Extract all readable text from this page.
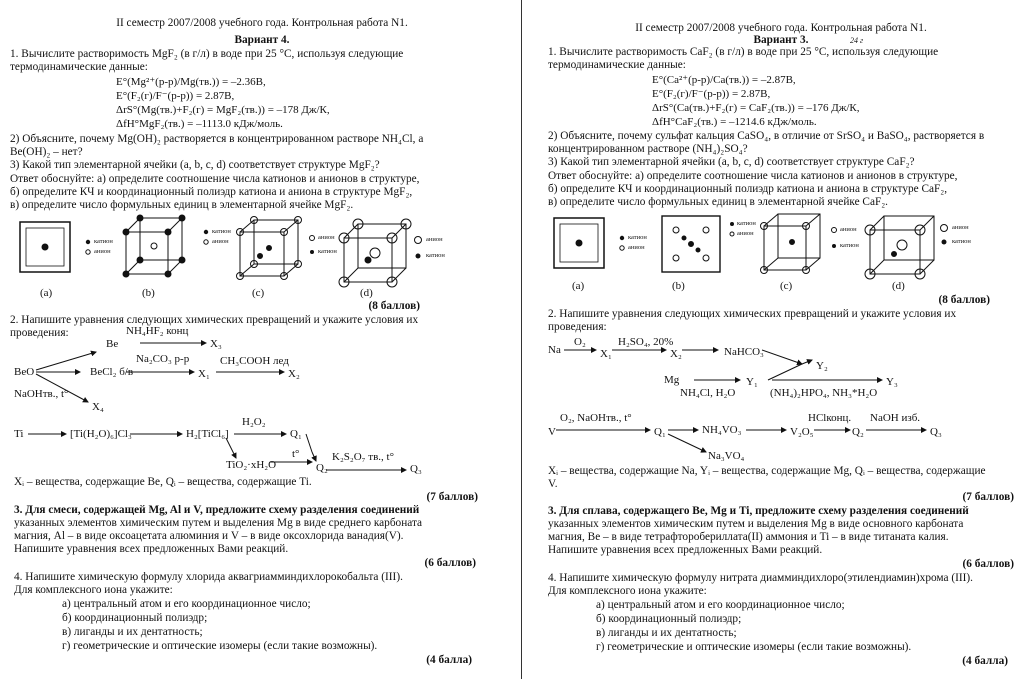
II семестр 2007/2008 учебного года. Контрольная работа N1.
Вариант 4.
1. Вычислите растворимость MgF₂ (в г/л) в воде при 25 °С, используя следующие
термодинамические данные:
E°(Mg²⁺(р-р)/Mg(тв.)) = –2.36В,
E°(F₂(г)/F⁻(р-р)) = 2.87В,
ΔrS°(Mg(тв.)+F₂(г) = MgF₂(тв.)) = –178 Дж/К,
ΔfH°MgF₂(тв.) = –1113.0 кДж/моль.
2) Объясните, почему Mg(OH)₂ растворяется в концентрированном растворе NH₄Cl, а
Be(OH)₂ – нет?
3) Какой тип элементарной ячейки (a, b, c, d) соответствует структуре MgF₂?
Ответ обоснуйте: а) определите соотношение числа катионов и анионов в структуре,
б) определите КЧ и координационный полиэдр катиона и аниона в структуре MgF₂,
в) определите число формульных единиц в элементарной ячейке MgF₂.
катион
анион
катион
анион
анион
катион
анион
катион
(a)	(b)	(c)	(d)
(8 баллов)
2. Напишите уравнения следующих химических превращений и укажите условия их
проведения:
BeO
Be
NH₄HF₂ конц
X₃
BeCl₂ б/в
Na₂CO₃ р-р
X₁
CH₃COOH лед
X₂
NaOHтв., t°
X₄
Ti	[Ti(H₂O)₆]Cl₃	H₂[TiCl₆]
H₂O₂
Q₁
t°
TiO₂·xH₂O	Q₂
K₂S₂O₇ тв., t°
Q₃
Xᵢ – вещества, содержащие Be, Qᵢ – вещества, содержащие Ti.
(7 баллов)
3. Для смеси, содержащей Mg, Al и V, предложите схему разделения соединений
указанных элементов химическим путем и выделения Mg в виде среднего карбоната
магния, Al – в виде оксоацетата алюминия и V – в виде оксохлорида ванадия(V).
Напишите уравнения всех предложенных Вами реакций.
(6 баллов)
4. Напишите химическую формулу хлорида аквагриамминдихлорокобальта (III).
Для комплексного иона укажите:
а) центральный атом и его координационное число;
б) координационный полиэдр;
в) лиганды и их дентатность;
г) геометрические и оптические изомеры (если такие возможны).
(4 балла)
II семестр 2007/2008 учебного года. Контрольная работа N1.
Вариант 3.	24 г
1. Вычислите растворимость CaF₂ (в г/л) в воде при 25 °С, используя следующие
термодинамические данные:
E°(Ca²⁺(р-р)/Ca(тв.)) = –2.87В,
E°(F₂(г)/F⁻(р-р)) = 2.87В,
ΔrS°(Ca(тв.)+F₂(г) = CaF₂(тв.)) = –176 Дж/К,
ΔfH°CaF₂(тв.) = –1214.6 кДж/моль.
2) Объясните, почему сульфат кальция CaSO₄, в отличие от SrSO₄ и BaSO₄, растворяется в
концентрированном растворе (NH₄)₂SO₄?
3) Какой тип элементарной ячейки (a, b, c, d) соответствует структуре CaF₂?
Ответ обоснуйте: а) определите соотношение числа катионов и анионов в структуре,
б) определите КЧ и координационный полиэдр катиона и аниона в структуре CaF₂,
в) определите число формульных единиц в элементарной ячейке CaF₂.
катион
анион
катион
анион
анион
катион
анион
катион
(a)	(b)	(c)	(d)
(8 баллов)
2. Напишите уравнения следующих химических превращений и укажите условия их
проведения:
Na
O₂
X₁
H₂SO₄, 20%
X₂	NaHCO₃
Y₂
Mg	Y₁
NH₄Cl, H₂O	(NH₄)₂HPO₄, NH₃*H₂O
Y₃
V
O₂, NaOHтв., t°
Q₁	NH₄VO₃	V₂O₅
HClконц.
Q₂
NaOH изб.
Q₃
Na₃VO₄
Xᵢ – вещества, содержащие Na, Yᵢ – вещества, содержащие Mg, Qᵢ – вещества, содержащие
V.
(7 баллов)
3. Для сплава, содержащего Be, Mg и Ti, предложите схему разделения соединений
указанных элементов химическим путем и выделения Mg в виде основного карбоната
магния, Be – в виде тетрафторобериллата(II) аммония и Ti – в виде титаната калия.
Напишите уравнения всех предложенных Вами реакций.
(6 баллов)
4. Напишите химическую формулу нитрата диамминдихлоро(этилендиамин)хрома (III).
Для комплексного иона укажите:
а) центральный атом и его координационное число;
б) координационный полиэдр;
в) лиганды и их дентатность;
г) геометрические и оптические изомеры (если такие возможны).
(4 балла)
